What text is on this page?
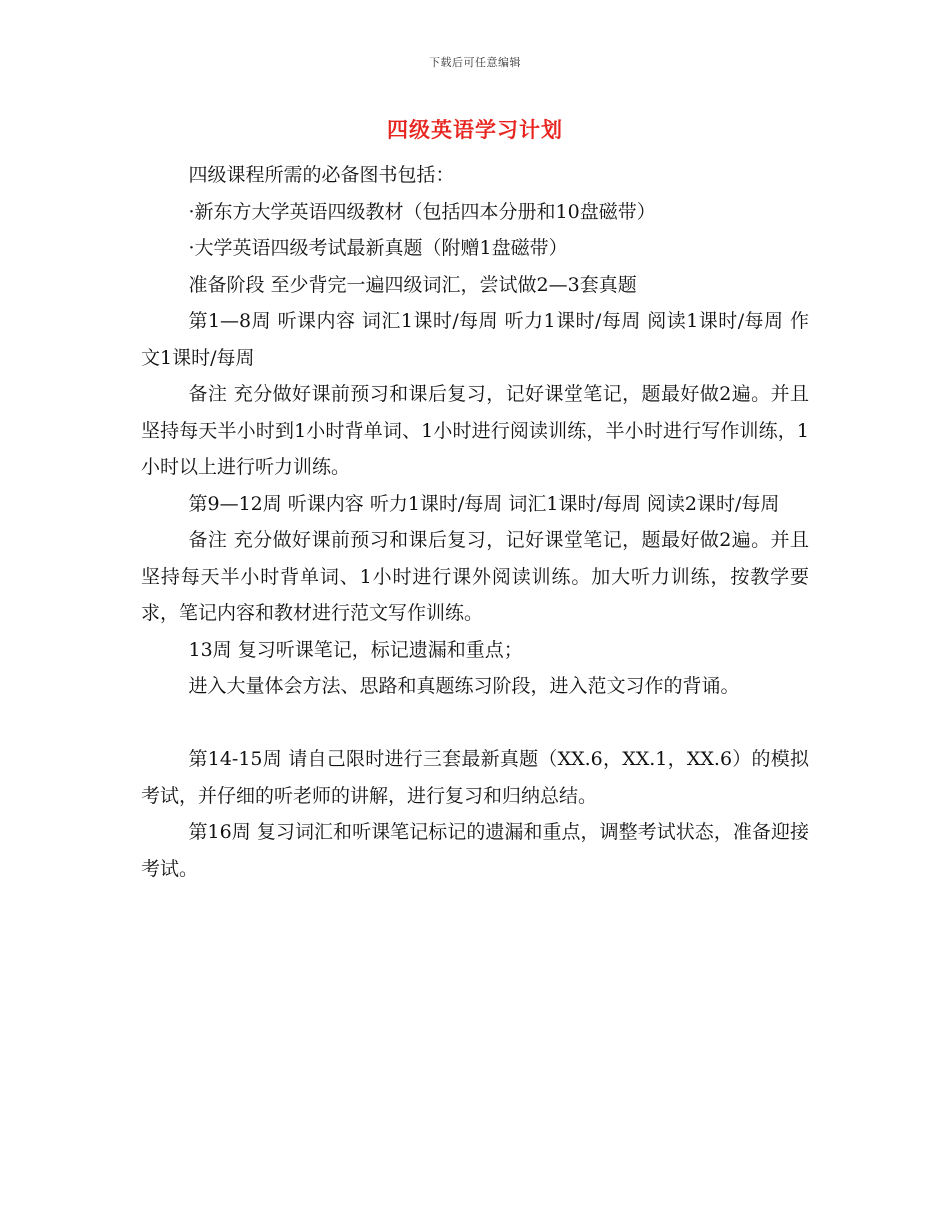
下载后可任意编辑
四级英语学习计划

四级课程所需的必备图书包括：

·新东方大学英语四级教材（包括四本分册和10盘磁带）

·大学英语四级考试最新真题（附赠1盘磁带）

准备阶段 至少背完一遍四级词汇，尝试做2—3套真题

第1—8周 听课内容 词汇1课时/每周 听力1课时/每周 阅读1课时/每周 作文1课时/每周

备注 充分做好课前预习和课后复习，记好课堂笔记，题最好做2遍。并且坚持每天半小时到1小时背单词、1小时进行阅读训练，半小时进行写作训练，1小时以上进行听力训练。

第9—12周 听课内容 听力1课时/每周 词汇1课时/每周 阅读2课时/每周

备注 充分做好课前预习和课后复习，记好课堂笔记，题最好做2遍。并且坚持每天半小时背单词、1小时进行课外阅读训练。加大听力训练，按教学要求，笔记内容和教材进行范文写作训练。

13周 复习听课笔记，标记遗漏和重点；

进入大量体会方法、思路和真题练习阶段，进入范文习作的背诵。

第14-15周 请自己限时进行三套最新真题（XX.6，XX.1，XX.6）的模拟考试，并仔细的听老师的讲解，进行复习和归纳总结。

第16周 复习词汇和听课笔记标记的遗漏和重点，调整考试状态，准备迎接考试。
